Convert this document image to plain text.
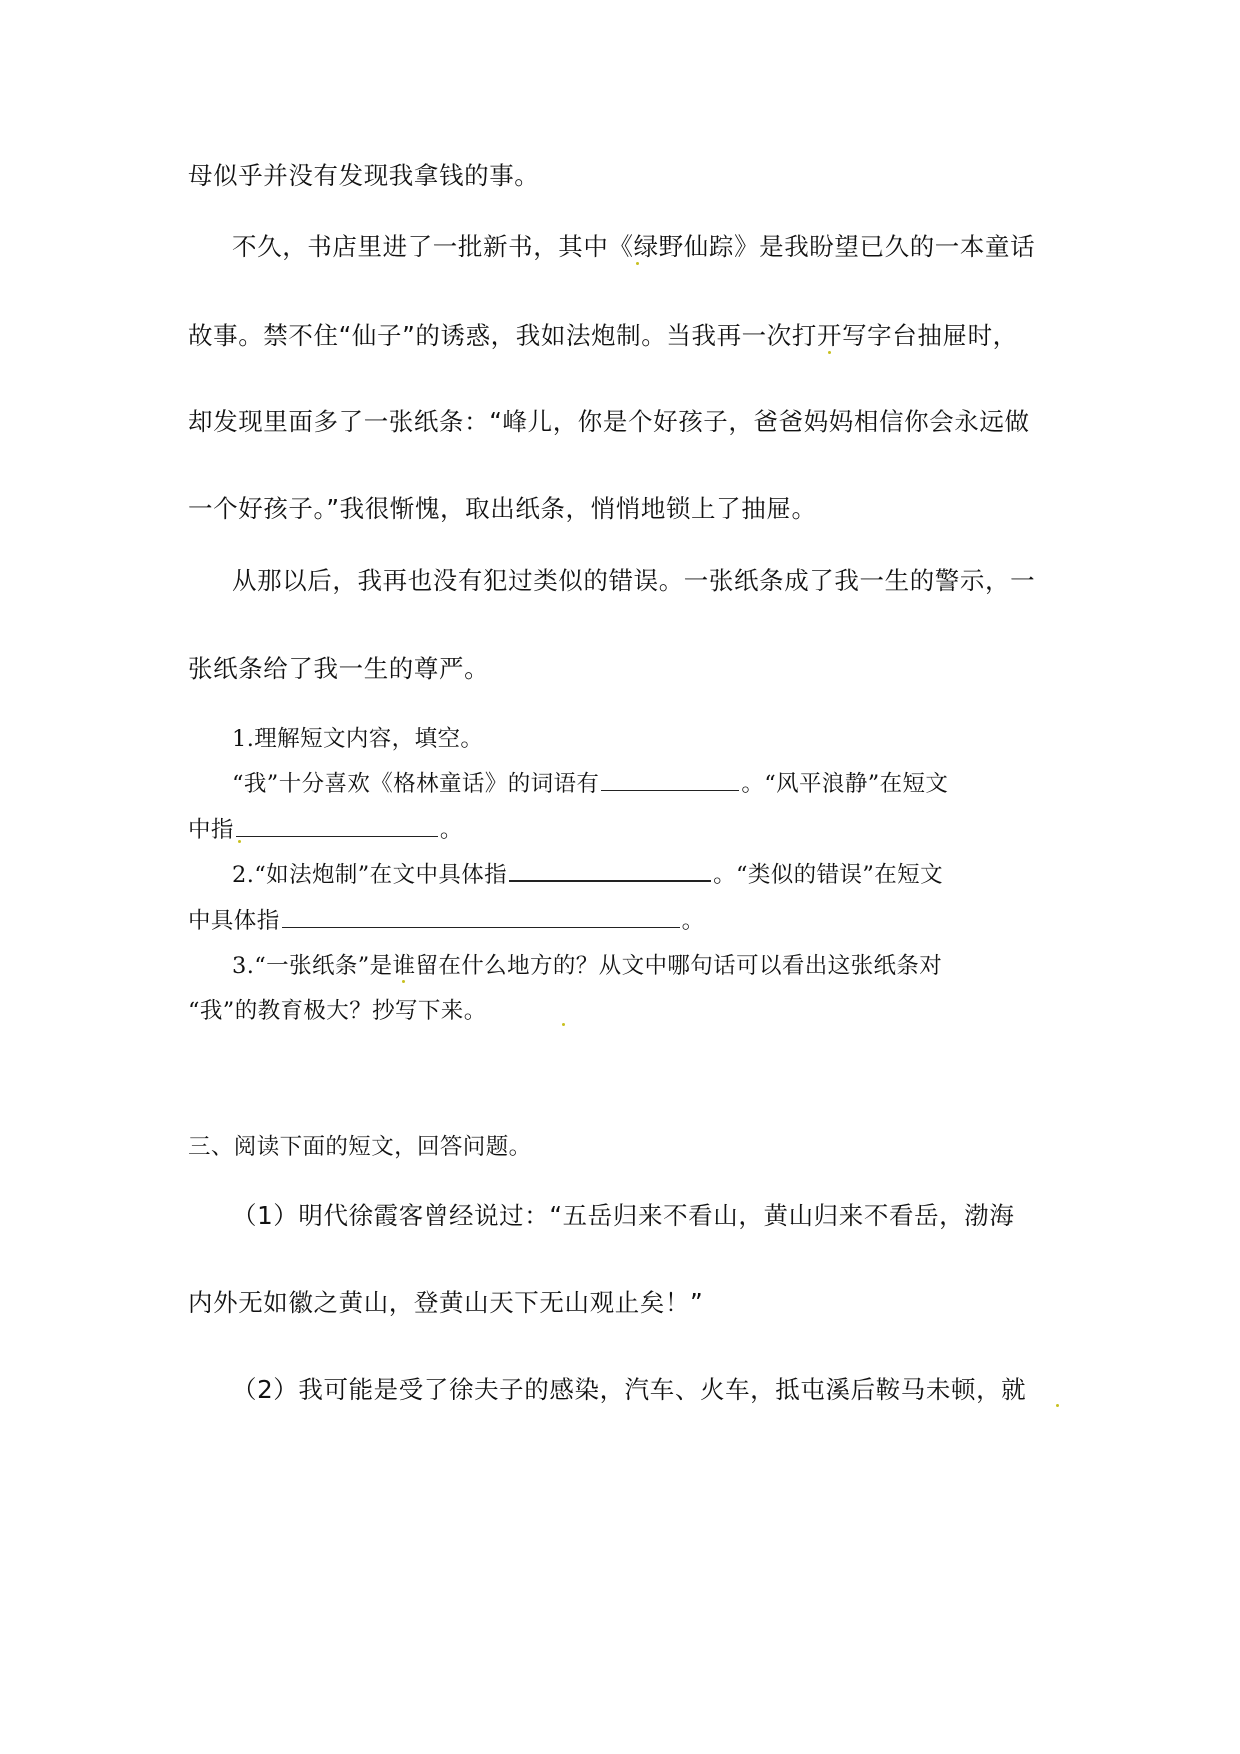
母似乎并没有发现我拿钱的事。
不久，书店里进了一批新书，其中《绿野仙踪》是我盼望已久的一本童话
故事。禁不住“仙子”的诱惑，我如法炮制。当我再一次打开写字台抽屉时，
却发现里面多了一张纸条：“峰儿，你是个好孩子，爸爸妈妈相信你会永远做
一个好孩子。”我很惭愧，取出纸条，悄悄地锁上了抽屉。
从那以后，我再也没有犯过类似的错误。一张纸条成了我一生的警示，一
张纸条给了我一生的尊严。
1.理解短文内容，填空。
“我”十分喜欢《格林童话》的词语有	。“风平浪静”在短文
中指	。
2.“如法炮制”在文中具体指	。“类似的错误”在短文
中具体指	。
3.“一张纸条”是谁留在什么地方的？从文中哪句话可以看出这张纸条对
“我”的教育极大？抄写下来。
三、阅读下面的短文，回答问题。
（1）明代徐霞客曾经说过：“五岳归来不看山，黄山归来不看岳，渤海
内外无如徽之黄山，登黄山天下无山观止矣！”
（2）我可能是受了徐夫子的感染，汽车、火车，抵屯溪后鞍马未顿，就
